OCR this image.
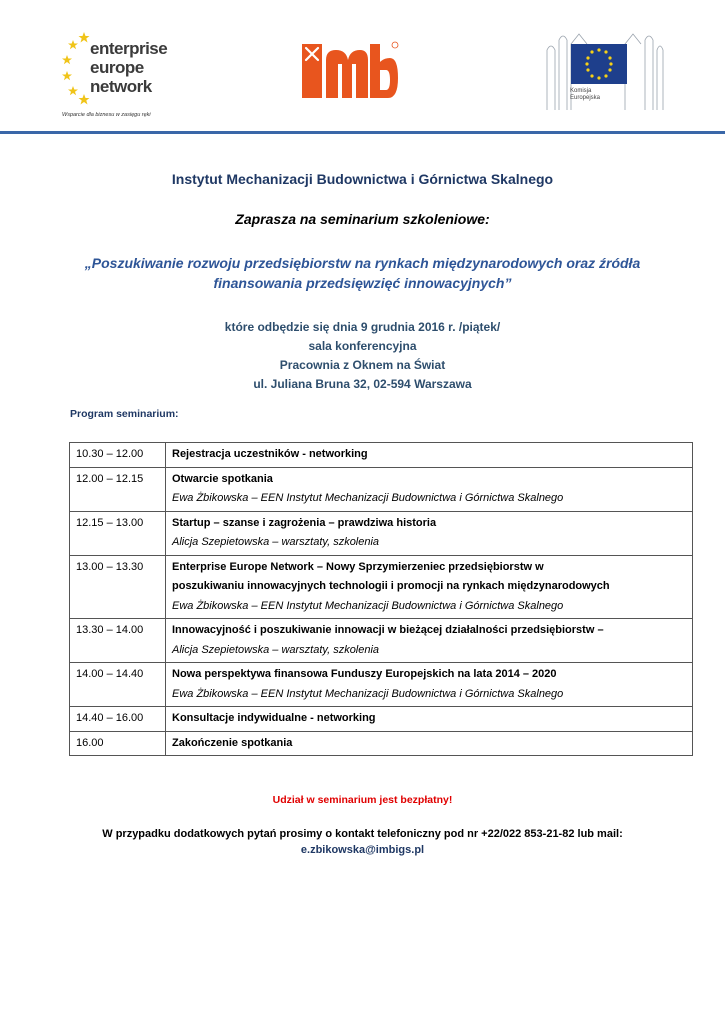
enterprise
europe
network
Wsparcie dla biznesu w zasięgu ręki
Komisja
Europejska
Instytut Mechanizacji Budownictwa i Górnictwa Skalnego
Zaprasza na seminarium szkoleniowe:
„Poszukiwanie rozwoju przedsiębiorstw na rynkach międzynarodowych oraz źródła
finansowania przedsięwzięć innowacyjnych”
które odbędzie się dnia 9 grudnia 2016 r. /piątek/
sala konferencyjna
Pracownia z Oknem na Świat
ul. Juliana Bruna 32, 02-594 Warszawa
Program seminarium:
10.30 – 12.00	Rejestracja uczestników - networking

12.00 – 12.15	Otwarcie spotkania
Ewa Żbikowska – EEN Instytut Mechanizacji Budownictwa i Górnictwa Skalnego

12.15 – 13.00	Startup – szanse i zagrożenia – prawdziwa historia
Alicja Szepietowska – warsztaty, szkolenia

13.00 – 13.30	Enterprise Europe Network – Nowy Sprzymierzeniec przedsiębiorstw w
poszukiwaniu innowacyjnych technologii i promocji na rynkach międzynarodowych
Ewa Żbikowska – EEN Instytut Mechanizacji Budownictwa i Górnictwa Skalnego

13.30 – 14.00	Innowacyjność i poszukiwanie innowacji w bieżącej działalności przedsiębiorstw –
Alicja Szepietowska – warsztaty, szkolenia

14.00 – 14.40	Nowa perspektywa finansowa Funduszy Europejskich na lata 2014 – 2020
Ewa Żbikowska – EEN Instytut Mechanizacji Budownictwa i Górnictwa Skalnego

14.40 – 16.00	Konsultacje indywidualne - networking

16.00	Zakończenie spotkania
Udział w seminarium jest bezpłatny!
W przypadku dodatkowych pytań prosimy o kontakt telefoniczny pod nr +22/022 853-21-82 lub mail:
e.zbikowska@imbigs.pl
